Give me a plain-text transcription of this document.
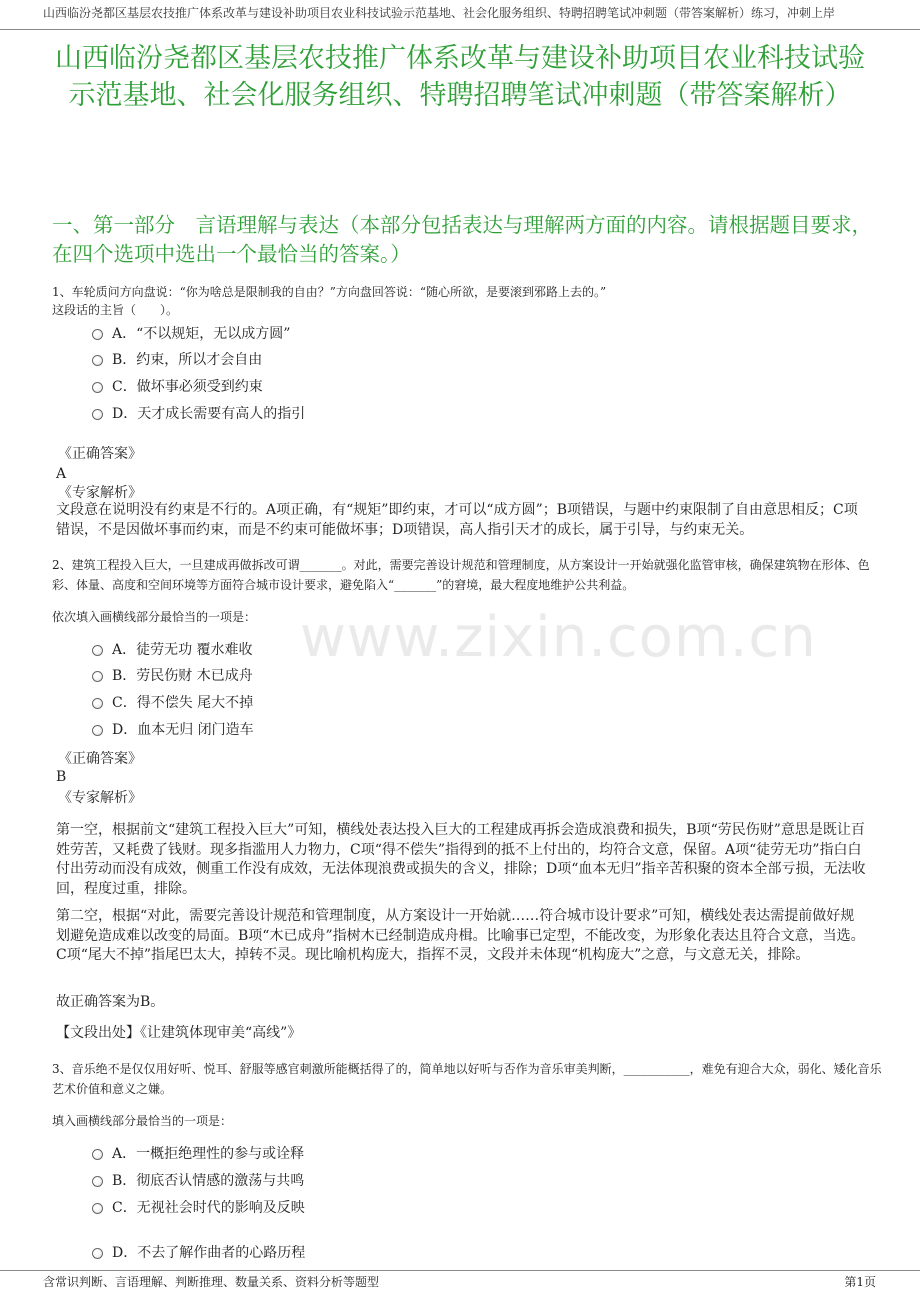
山西临汾尧都区基层农技推广体系改革与建设补助项目农业科技试验示范基地、社会化服务组织、特聘招聘笔试冲刺题（带答案解析）练习，冲刺上岸
山西临汾尧都区基层农技推广体系改革与建设补助项目农业科技试验示范基地、社会化服务组织、特聘招聘笔试冲刺题（带答案解析）
一、第一部分　言语理解与表达（本部分包括表达与理解两方面的内容。请根据题目要求，在四个选项中选出一个最恰当的答案。）
www.zixin.com.cn
1、车轮质问方向盘说：“你为啥总是限制我的自由？”方向盘回答说：“随心所欲，是要滚到邪路上去的。”
这段话的主旨（　　）。
A．“不以规矩，无以成方圆”
B．约束，所以才会自由
C．做坏事必须受到约束
D．天才成长需要有高人的指引
《正确答案》
A
《专家解析》
文段意在说明没有约束是不行的。A项正确，有“规矩”即约束，才可以“成方圆”；B项错误，与题中约束限制了自由意思相反；C项错误，不是因做坏事而约束，而是不约束可能做坏事；D项错误，高人指引天才的成长，属于引导，与约束无关。
2、建筑工程投入巨大，一旦建成再做拆改可谓_______。对此，需要完善设计规范和管理制度，从方案设计一开始就强化监管审核，确保建筑物在形体、色彩、体量、高度和空间环境等方面符合城市设计要求，避免陷入“_______”的窘境，最大程度地维护公共利益。
依次填入画横线部分最恰当的一项是：
A．徒劳无功 覆水难收
B．劳民伤财 木已成舟
C．得不偿失 尾大不掉
D．血本无归 闭门造车
《正确答案》
B
《专家解析》
第一空，根据前文“建筑工程投入巨大”可知，横线处表达投入巨大的工程建成再拆会造成浪费和损失，B项“劳民伤财”意思是既让百姓劳苦，又耗费了钱财。现多指滥用人力物力，C项“得不偿失”指得到的抵不上付出的，均符合文意，保留。A项“徒劳无功”指白白付出劳动而没有成效，侧重工作没有成效，无法体现浪费或损失的含义，排除；D项“血本无归”指辛苦积聚的资本全部亏损，无法收回，程度过重，排除。
第二空，根据“对此，需要完善设计规范和管理制度，从方案设计一开始就……符合城市设计要求”可知，横线处表达需提前做好规划避免造成难以改变的局面。B项“木已成舟”指树木已经制造成舟楫。比喻事已定型，不能改变，为形象化表达且符合文意，当选。C项“尾大不掉”指尾巴太大，掉转不灵。现比喻机构庞大，指挥不灵，文段并未体现“机构庞大”之意，与文意无关，排除。
故正确答案为B。
【文段出处】《让建筑体现审美“高线”》
3、音乐绝不是仅仅用好听、悦耳、舒服等感官刺激所能概括得了的，简单地以好听与否作为音乐审美判断，___________，难免有迎合大众，弱化、矮化音乐艺术价值和意义之嫌。
填入画横线部分最恰当的一项是：
A．一概拒绝理性的参与或诠释
B．彻底否认情感的激荡与共鸣
C．无视社会时代的影响及反映
D．不去了解作曲者的心路历程
含常识判断、言语理解、判断推理、数量关系、资料分析等题型	第1页
